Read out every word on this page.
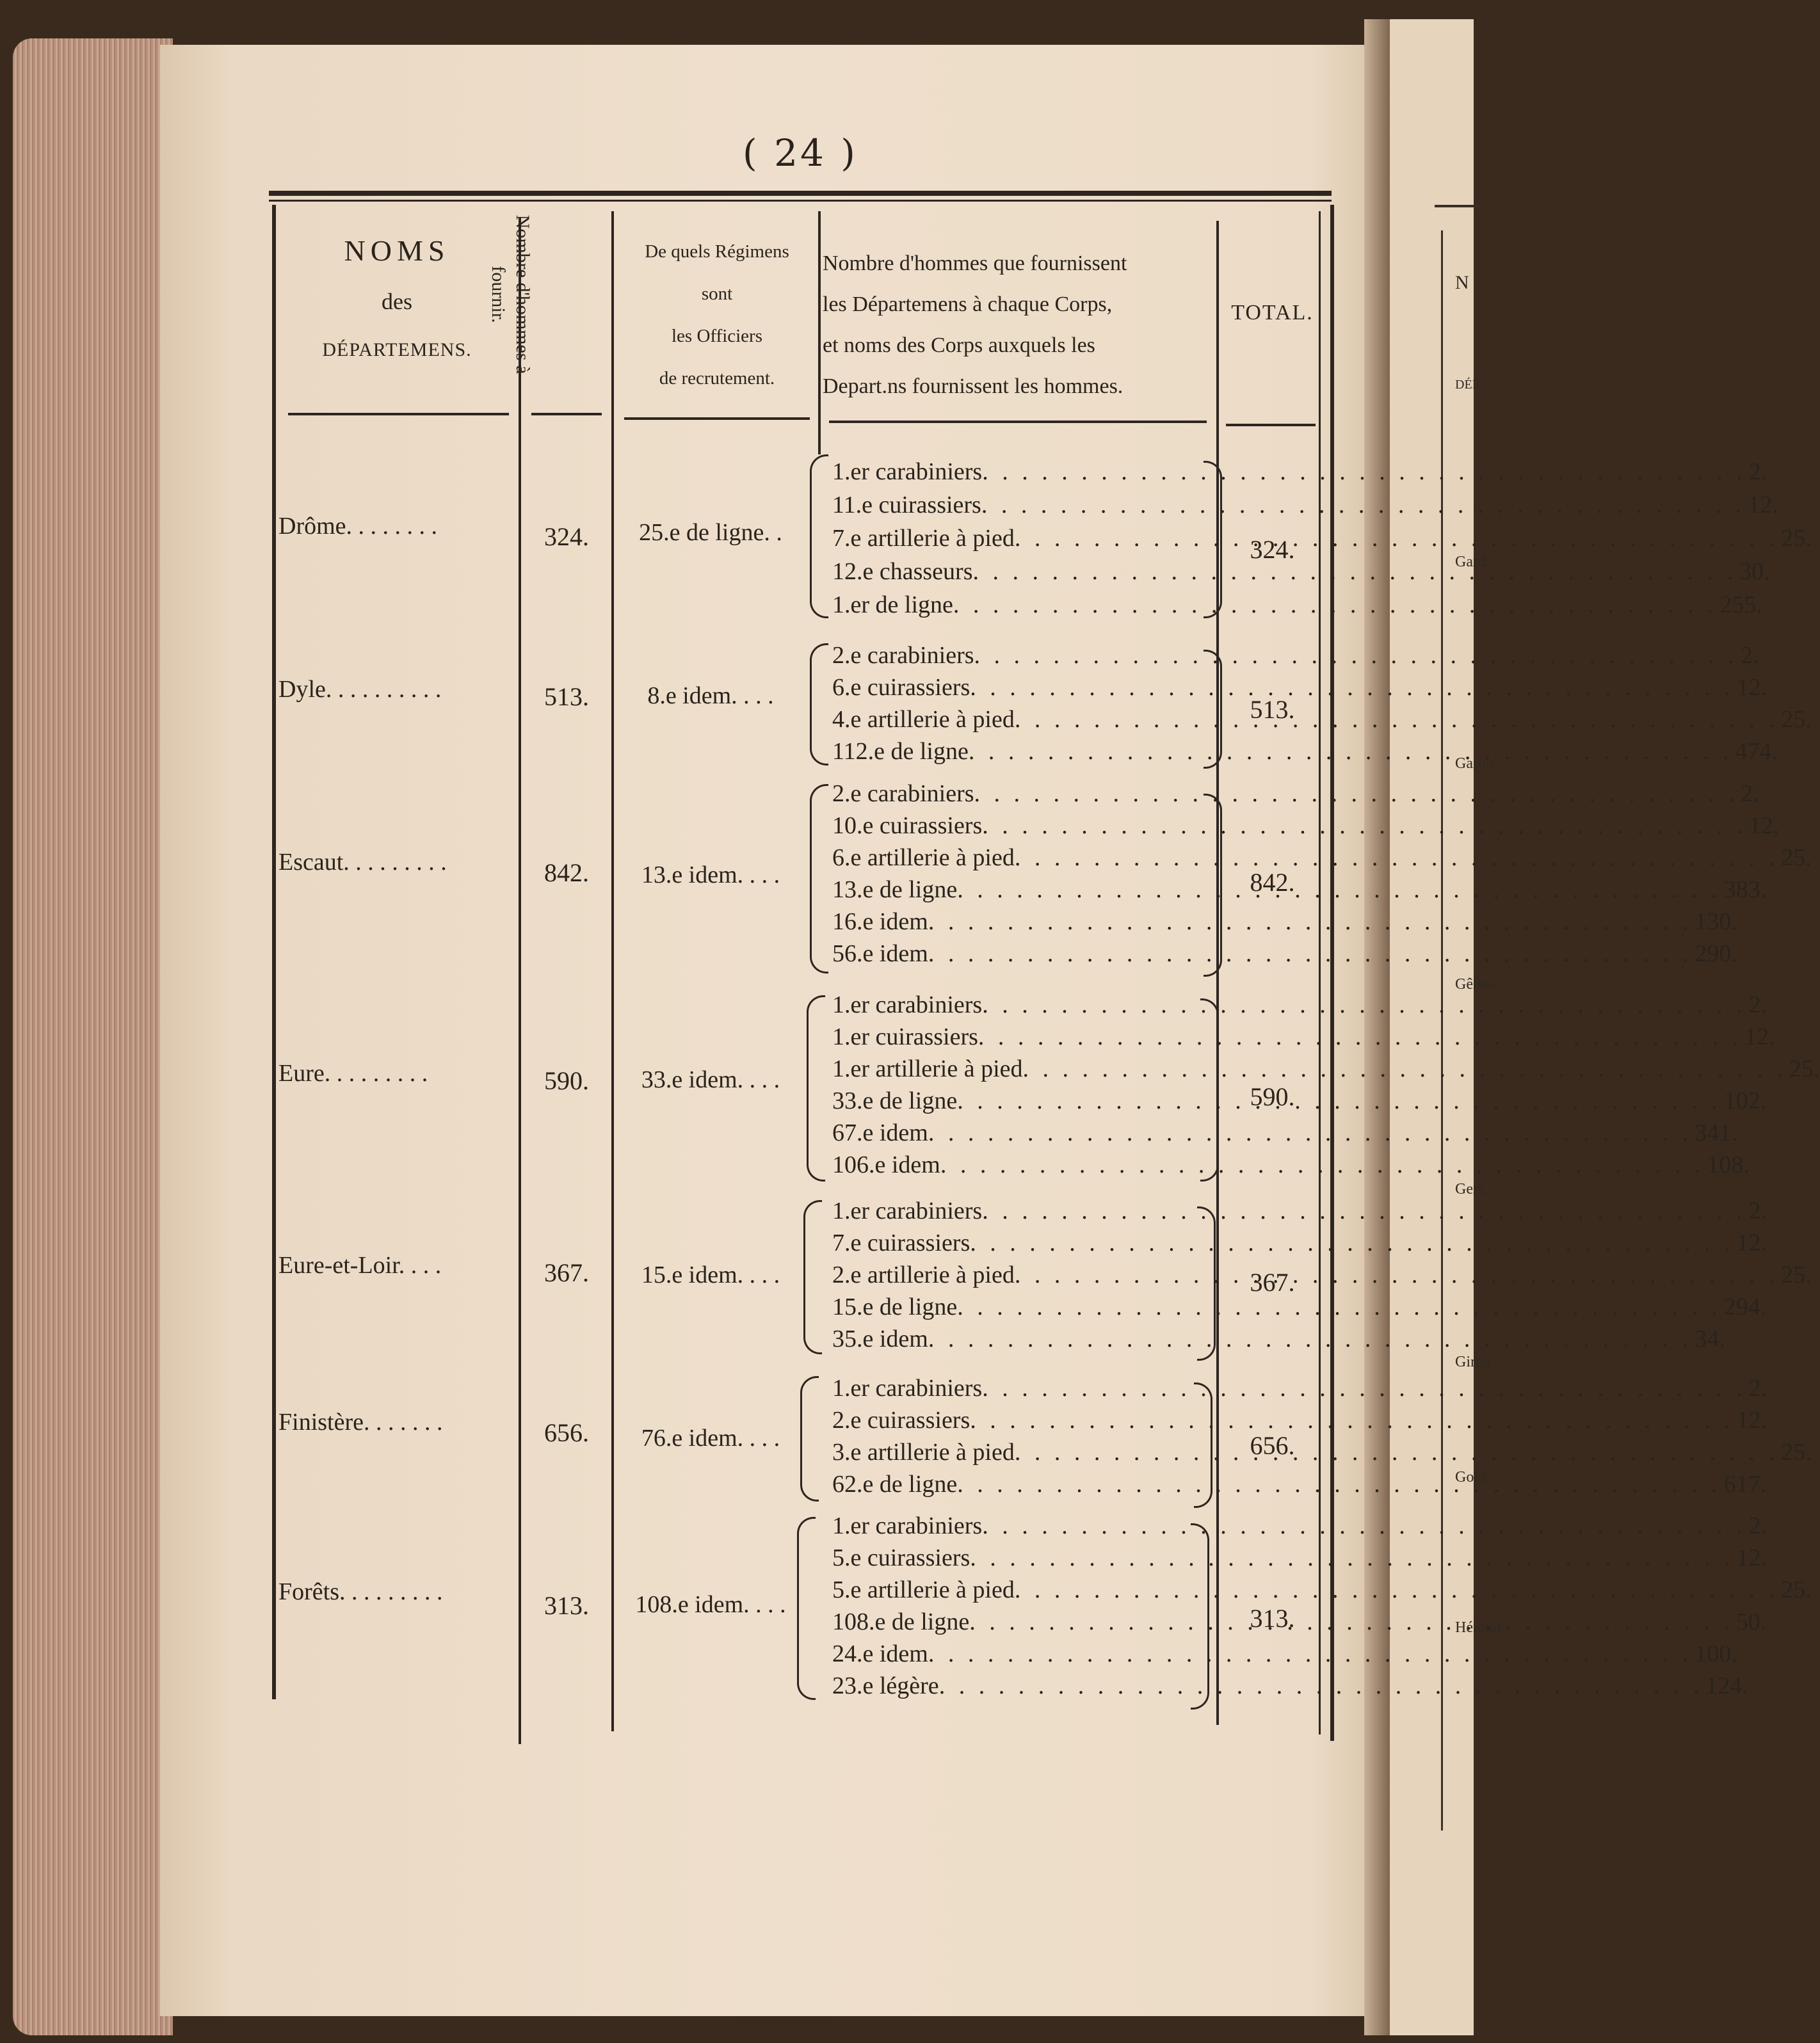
N
DÉP
Gard. .
Garon
Gênes.
Gers. .
Giron
Golo. .
Hérault.
( 24 )
NOMS
des
DÉPARTEMENS.	Nombre d'hommes à fournir.
De quels Régimens
sont
les Officiers
de recrutement.
Nombre d'hommes que fournissent
les Départemens à chaque Corps,
et noms des Corps auxquels les
Depart.ns fournissent les hommes.
TOTAL.
Drôme. . . . . . . .	324.	25.e de ligne. .
324.
1.er carabiniers . . .	2.
11.e cuirassiers . . .	12.
7.e artillerie à pied . . .	25.
12.e chasseurs . . .	30.
1.er de ligne . . .	255.
Dyle. . . . . . . . . .	513.	8.e idem. . . .	513.
2.e carabiniers . . .	2.
6.e cuirassiers . . .	12.
4.e artillerie à pied . . .	25.
112.e de ligne . . .	474.
Escaut. . . . . . . . .	842.	13.e idem. . . .	842.
2.e carabiniers . . .	2.
10.e cuirassiers . . .	12.
6.e artillerie à pied . . .	25.
13.e de ligne . . .	383.
16.e idem . . .	130.
56.e idem . . .	290.
Eure. . . . . . . . .	590.	33.e idem. . . .
590.
1.er carabiniers . . .	2.
1.er cuirassiers . . .	12.
1.er artillerie à pied . . .	25.
33.e de ligne . . .	102.
67.e idem . . .	341.
106.e idem . . .	108.
Eure-et-Loir. . . .	367.	15.e idem. . . .	367.
1.er carabiniers . . .	2.
7.e cuirassiers . . .	12.
2.e artillerie à pied . . .	25.
15.e de ligne . . .	294.
35.e idem . . .	34.
Finistère. . . . . . .	656.	76.e idem. . . .	656.
1.er carabiniers . . .	2.
2.e cuirassiers . . .	12.
3.e artillerie à pied . . .	25.
62.e de ligne . . .	617.
Forêts. . . . . . . . .	313.	108.e idem. . . .	313.
1.er carabiniers . . .	2.
5.e cuirassiers . . .	12.
5.e artillerie à pied . . .	25.
108.e de ligne . . .	50.
24.e idem . . .	100.
23.e légère . . .	124.
